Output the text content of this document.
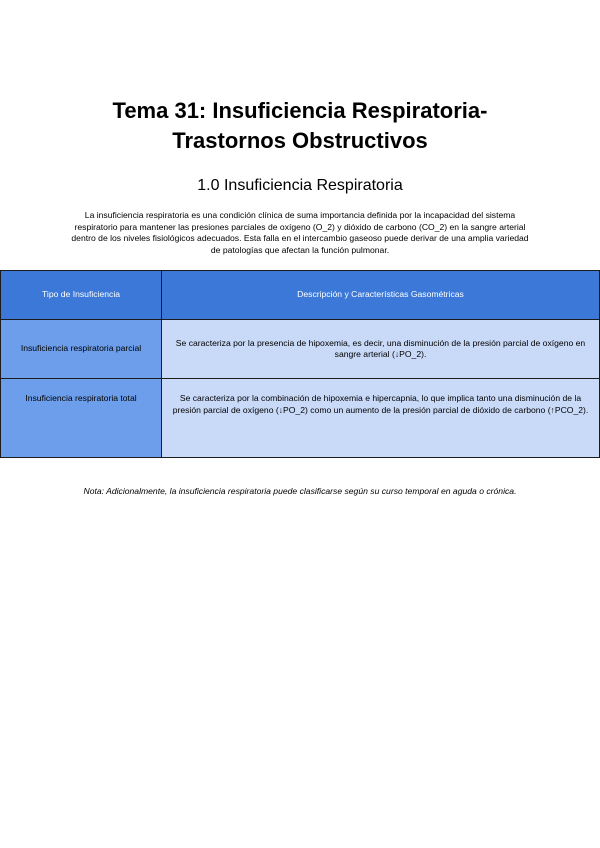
Tema 31: Insuficiencia Respiratoria-
Trastornos Obstructivos
1.0 Insuficiencia Respiratoria

La insuficiencia respiratoria es una condición clínica de suma importancia definida por la incapacidad del sistema respiratorio para mantener las presiones parciales de oxígeno (O_2) y dióxido de carbono (CO_2) en la sangre arterial dentro de los niveles fisiológicos adecuados. Esta falla en el intercambio gaseoso puede derivar de una amplia variedad de patologías que afectan la función pulmonar.

Tipo de Insuficiencia	Descripción y Características Gasométricas
Insuficiencia respiratoria parcial	Se caracteriza por la presencia de hipoxemia, es decir, una disminución de la presión parcial de oxígeno en sangre arterial (↓PO_2).
Insuficiencia respiratoria total	Se caracteriza por la combinación de hipoxemia e hipercapnia, lo que implica tanto una disminución de la presión parcial de oxígeno (↓PO_2) como un aumento de la presión parcial de dióxido de carbono (↑PCO_2).

Nota: Adicionalmente, la insuficiencia respiratoria puede clasificarse según su curso temporal en aguda o crónica.
